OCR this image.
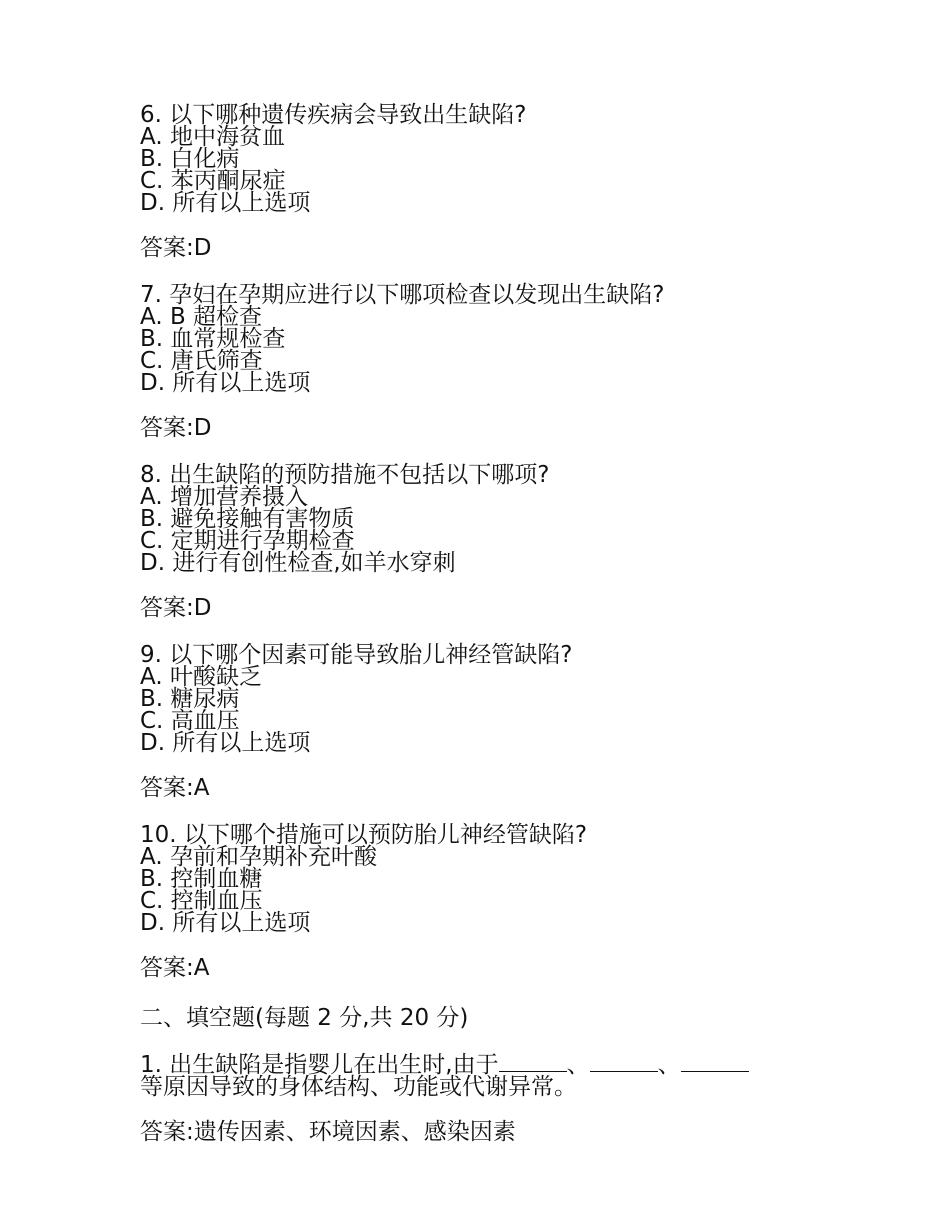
6. 以下哪种遗传疾病会导致出生缺陷?

A. 地中海贫血
B. 白化病
C. 苯丙酮尿症
D. 所有以上选项

答案:D

7. 孕妇在孕期应进行以下哪项检查以发现出生缺陷?

A. B 超检查
B. 血常规检查
C. 唐氏筛查
D. 所有以上选项

答案:D

8. 出生缺陷的预防措施不包括以下哪项?

A. 增加营养摄入
B. 避免接触有害物质
C. 定期进行孕期检查
D. 进行有创性检查,如羊水穿刺

答案:D

9. 以下哪个因素可能导致胎儿神经管缺陷?

A. 叶酸缺乏
B. 糖尿病
C. 高血压
D. 所有以上选项

答案:A

10. 以下哪个措施可以预防胎儿神经管缺陷?

A. 孕前和孕期补充叶酸
B. 控制血糖
C. 控制血压
D. 所有以上选项

答案:A

二、填空题(每题 2 分,共 20 分)

1. 出生缺陷是指婴儿在出生时,由于	、	、

等原因导致的身体结构、功能或代谢异常。

答案:遗传因素、环境因素、感染因素
